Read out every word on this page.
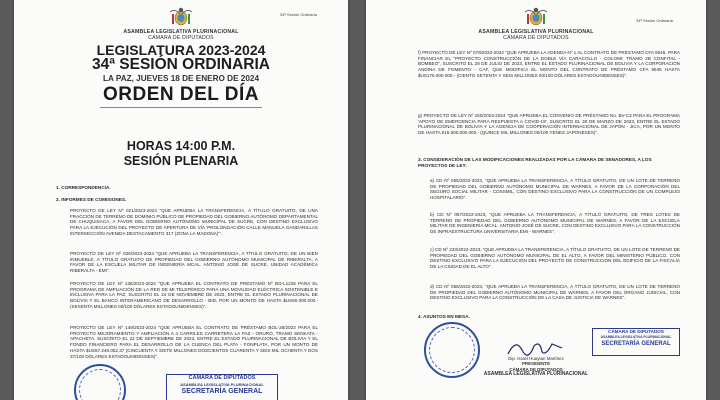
ASAMBLEA LEGISLATIVA PLURINACIONAL
CÁMARA DE DIPUTADOS
34ª Sesión Ordinaria
LEGISLATURA 2023-2024
34ª SESIÓN ORDINARIA
LA PAZ, JUEVES 18 DE ENERO DE 2024
ORDEN DEL DÍA
HORAS 14:00 P.M.
SESIÓN PLENARIA
1. CORRESPONDENCIA.
2. INFORMES DE COMISIONES.
PROYECTO DE LEY Nº 021/2023-2024 "QUE APRUEBA LA TRANSFERENCIA, A TÍTULO GRATUITO, DE UNA FRACCIÓN DE TERRENO DE DOMINIO PÚBLICO DE PROPIEDAD DEL GOBIERNO AUTÓNOMO DEPARTAMENTAL DE CHUQUISACA, A FAVOR DEL GOBIERNO AUTÓNOMO MUNICIPAL DE SUCRE, CON DESTINO EXCLUSIVO PARA LA EJECUCIÓN DEL PROYECTO DE APERTURA DE VÍA 'PROLONGACIÓN CALLE MANUELA GANDARILLAS INTERSECCIÓN AVENIDA DESTACAMENTO 317 (ZONA LA MADONA)'".
PROYECTO DE LEY Nº 029/2023-2024 "QUE APRUEBA LA TRANSFERENCIA, A TÍTULO GRATUITO, DE UN BIEN INMUEBLE, A TÍTULO GRATUITO DE PROPIEDAD DEL GOBIERNO AUTÓNOMO MUNICIPAL DE RIBERALTA, A FAVOR DE LA ESCUELA MILITAR DE INGENIERÍA MCAL. ANTONIO JOSÉ DE SUCRE, UNIDAD ACADÉMICA RIBERALTA - EMI".
PROYECTO DE LEY Nº 136/2023-2024 "QUE APRUEBA EL CONTRATO DE PRÉSTAMO Nº BO-L1226 PARA EL PROGRAMA DE AMPLIACIÓN DE LA RED DE MI TELEFÉRICO PARA UNA MOVILIDAD ELÉCTRICA SOSTENIBLE E INCLUSIVA PARA LA PAZ, SUSCRITO EL 24 DE NOVIEMBRE DE 2023, ENTRE EL ESTADO PLURINACIONAL DE BOLIVIA Y EL BANCO INTERAMERICANO DE DESARROLLO - BID, POR UN MONTO DE HASTA $US60.000.000.- (SESENTA MILLONES 00/100 DÓLARES ESTADOUNIDENSES)".
PROYECTO DE LEY Nº 149/2023-2024 "QUE APRUEBA EL CONTRATO DE PRÉSTAMO BOL-28/2023 PARA EL PROYECTO MEJORAMIENTO Y AMPLIACIÓN A 4 CARRILES CARRETERA LA PAZ - ORURO, TRAMO SENKATA - APACHETA, SUSCRITO EL 22 DE SEPTIEMBRE DE 2023, ENTRE EL ESTADO PLURINACIONAL DE BOLIVIA Y EL FONDO FINANCIERO PARA EL DESARROLLO DE LA CUENCA DEL PLATA - FONPLATA, POR UN MONTO DE HASTA $US57.246.052,37 (CINCUENTA Y SIETE MILLONES DOSCIENTOS CUARENTA Y SEIS MIL OCHENTA Y DOS 37/100 DÓLARES ESTADOUNIDENSES)".
CÁMARA DE DIPUTADOS
ASAMBLEA LEGISLATIVA PLURINACIONAL
SECRETARÍA GENERAL
ASAMBLEA LEGISLATIVA PLURINACIONAL
CÁMARA DE DIPUTADOS
34ª Sesión Ordinaria
f) PROYECTO DE LEY Nº 079/2023-2024 "QUE APRUEBA LA ADENDA Nº 1 AL CONTRATO DE PRÉSTAMO CFA 9545, PARA FINANCIAR EL "PROYECTO CONSTRUCCIÓN DE LA DOBLE VÍA CARACOLLO - COLOMI: TRAMO 2B CONFITAL - BOMBEO", SUSCRITO EL 28 DE JULIO DE 2023, ENTRE EL ESTADO PLURINACIONAL DE BOLIVIA Y LA CORPORACIÓN ANDINA DE FOMENTO - CAF, QUE MODIFICA EL MONTO DEL CONTRATO DE PRÉSTAMO CFA 9545 HASTA $US176.000.000.- (CIENTO SETENTA Y SEIS MILLONES 00/100 DÓLARES ESTADOUNIDENSES)".
g) PROYECTO DE LEY Nº 150/2023-2024 "QUE APRUEBA EL CONVENIO DE PRÉSTAMO No. BV-C3 PARA EL PROGRAMA 'APOYO DE EMERGENCIA PARA RESPUESTA A COVID-19', SUSCRITO EL 30 DE MARZO DE 2023, ENTRE EL ESTADO PLURINACIONAL DE BOLIVIA Y LA AGENCIA DE COOPERACIÓN INTERNACIONAL DE JAPÓN - JICA, POR UN MONTO DE HASTA ¥15.000.000.000.- (QUINCE MIL MILLONES 00/100 YENES JAPONESES)".
3. CONSIDERACIÓN DE LAS MODIFICACIONES REALIZADAS POR LA CÁMARA DE SENADORES, A LOS PROYECTOS DE LEY:
a) CD Nº 055/2022-2023, "QUE APRUEBA LA TRANSFERENCIA, A TÍTULO GRATUITO, DE UN LOTE DE TERRENO DE PROPIEDAD DEL GOBIERNO AUTÓNOMO MUNICIPAL DE WARNES, A FAVOR DE LA CORPORACIÓN DEL SEGURO SOCIAL MILITAR - COSSMIL, CON DESTINO EXCLUSIVO PARA LA CONSTRUCCIÓN DE UN COMPLEJO HOSPITALARIO".
b) CD Nº 057/2022-2023, "QUE APRUEBA LA TRANSFERENCIA, A TÍTULO GRATUITO, DE TRES LOTES DE TERRENO DE PROPIEDAD DEL GOBIERNO AUTÓNOMO MUNICIPAL DE WARNES, A FAVOR DE LA ESCUELA MILITAR DE INGENIERÍA MCAL. ANTONIO JOSÉ DE SUCRE, CON DESTINO EXCLUSIVO PARA LA CONSTRUCCIÓN DE INFRAESTRUCTURA UNIVERSITARIA EMI - WARNES".
c) CD Nº 233/2022-2023, "QUE APRUEBA LA TRANSFERENCIA, A TÍTULO GRATUITO, DE UN LOTE DE TERRENO DE PROPIEDAD DEL GOBIERNO AUTÓNOMO MUNICIPAL DE EL ALTO, A FAVOR DEL MINISTERIO PÚBLICO, CON DESTINO EXCLUSIVO PARA LA EJECUCIÓN DEL PROYECTO DE CONSTRUCCIÓN DEL EDIFICIO DE LA FISCALÍA DE LA CIUDAD DE EL ALTO".
d) CD Nº 056/2022-2023, "QUE APRUEBA LA TRANSFERENCIA, A TÍTULO GRATUITO, DE UN LOTE DE TERRENO DE PROPIEDAD DEL GOBIERNO AUTÓNOMO MUNICIPAL DE WARNES, A FAVOR DEL ÓRGANO JUDICIAL, CON DESTINO EXCLUSIVO PARA LA CONSTRUCCIÓN DE LA CASA DE JUSTICIA DE WARNES".
4. ASUNTOS EN MESA.
Dip. Israel Huaytari Martínez
PRESIDENTE
CÁMARA DE DIPUTADOS
ASAMBLEA LEGISLATIVA PLURINACIONAL
CÁMARA DE DIPUTADOS
ASAMBLEA LEGISLATIVA PLURINACIONAL
SECRETARÍA GENERAL
